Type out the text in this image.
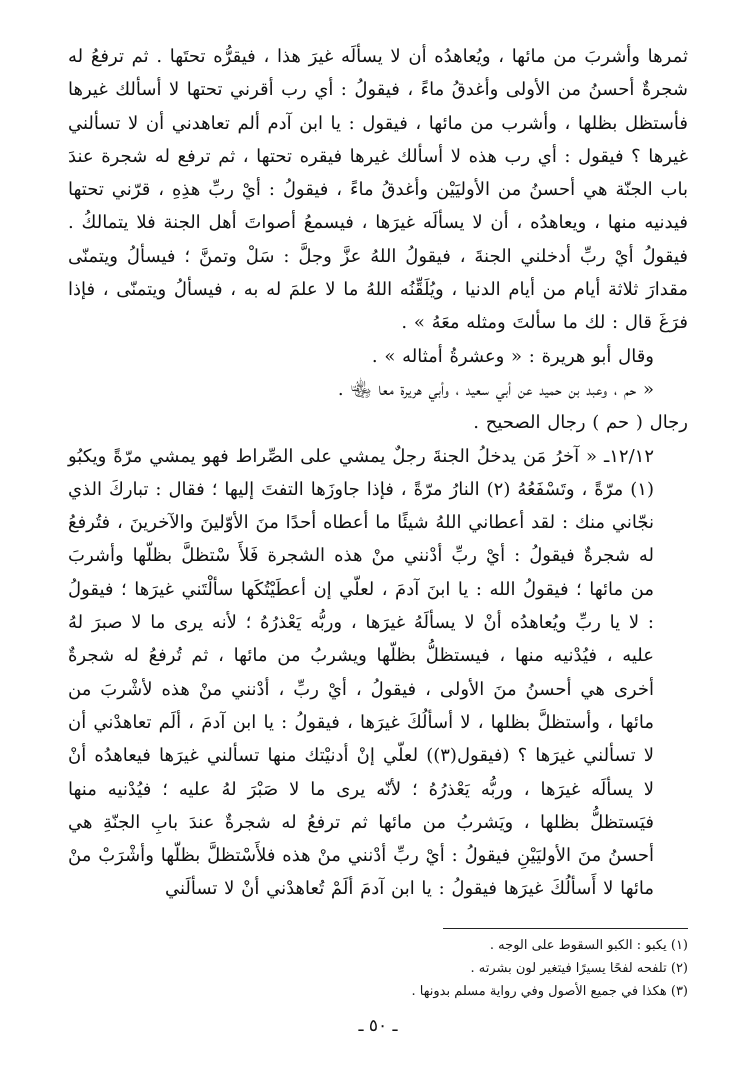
ثمرها وأشربَ من مائها ، ويُعاهدُه أن لا يسألَه غيرَ هذا ، فيقرُّه تحتَها . ثم ترفعُ له شجرةٌ أحسنُ من الأولى وأغدقُ ماءً ، فيقولُ : أي رب أقرني تحتها لا أسألك غيرها فأستظل بظلها ، وأشرب من مائها ، فيقول : يا ابن آدم ألم تعاهدني أن لا تسألني غيرها ؟ فيقول : أي رب هذه لا أسألك غيرها فيقره تحتها ، ثم ترفع له شجرة عندَ باب الجنّة هي أحسنُ من الأوليَيْن وأغدقُ ماءً ، فيقولُ : أيْ ربِّ هذِهِ ، قرّني تحتها فيدنيه منها ، ويعاهدُه ، أن لا يسألَه غيرَها ، فيسمعُ أصواتَ أهل الجنة فلا يتمالكُ . فيقولُ أيْ ربِّ أدخلني الجنةَ ، فيقولُ اللهُ عزَّ وجلَّ : سَلْ وتمنَّ ؛ فيسألُ ويتمنّى مقدارَ ثلاثة أيام من أيام الدنيا ، ويُلَقِّنُه اللهُ ما لا علمَ له به ، فيسألُ ويتمنّى ، فإذا فرَغَ قال : لك ما سألتَ ومثله معَهُ » .

وقال أبو هريرة : « وعشرةُ أمثاله » .

« حم ، وعبد بن حميد عن أبي سعيد ، وأبي هريرة معا ﵄ .

رجال ( حم ) رجال الصحيح .

١٢/١٢ـ « آخرُ مَن يدخلُ الجنةَ رجلٌ يمشي على الصِّراط فهو يمشي مرّةً ويكبُو (١) مرّةً ، وتَسْفَعُهُ (٢) النارُ مرّةً ، فإذا جاوزَها التفتَ إليها ؛ فقال : تباركَ الذي نجّاني منك : لقد أعطاني اللهُ شيئًا ما أعطاه أحدًا منَ الأوّلينَ والآخرينَ ، فتُرفعُ له شجرةٌ فيقولُ : أيْ ربِّ أدْنني منْ هذه الشجرة فَلأَ سْتظلَّ بظلّها وأشربَ من مائها ؛ فيقولُ الله : يا ابنَ آدمَ ، لعلّي إن أعطَيْتُكَها سألْتَني غيرَها ؛ فيقولُ : لا يا ربِّ ويُعاهدُه أنْ لا يسألَهُ غيرَها ، وربُّه يَعْذرُهُ ؛ لأنه يرى ما لا صبرَ لهُ عليه ، فيُدْنيه منها ، فيستظلُّ بظلّها ويشربُ من مائها ، ثم تُرفعُ له شجرةٌ أخرى هي أحسنُ منَ الأولى ، فيقولُ ، أيْ ربِّ ، أدْنني منْ هذه لأشْربَ من مائها ، وأستظلَّ بظلها ، لا أسألُكَ غيرَها ، فيقولُ : يا ابن آدمَ ، ألَم تعاهدْني أن لا تسألني غيرَها ؟ (فيقول(٣)) لعلّي إنْ أدنيْتك منها تسألني غيرَها فيعاهدُه أنْ لا يسألَه غيرَها ، وربُّه يَعْذرُهُ ؛ لأنّه يرى ما لا صَبْرَ لهُ عليه ؛ فيُدْنيه منها فيَستظلُّ بظلها ، ويَشربُ من مائها ثم ترفعُ له شجرةٌ عندَ بابِ الجنّةِ هي أحسنُ منَ الأوليَيْنِ فيقولُ : أيْ ربِّ أدْنني منْ هذه فلأَسْتظلَّ بظلّها وأشْرَبْ منْ مائها لا أَسألُكَ غيرَها فيقولُ : يا ابن آدمَ ألَمْ تُعاهدْني أنْ لا تسألَني

(١) يكبو : الكبو السقوط على الوجه .
(٢) تلفحه لفحًا يسيرًا فيتغير لون بشرته .
(٣) هكذا في جميع الأصول وفي رواية مسلم بدونها .
ـ ٥٠ ـ
